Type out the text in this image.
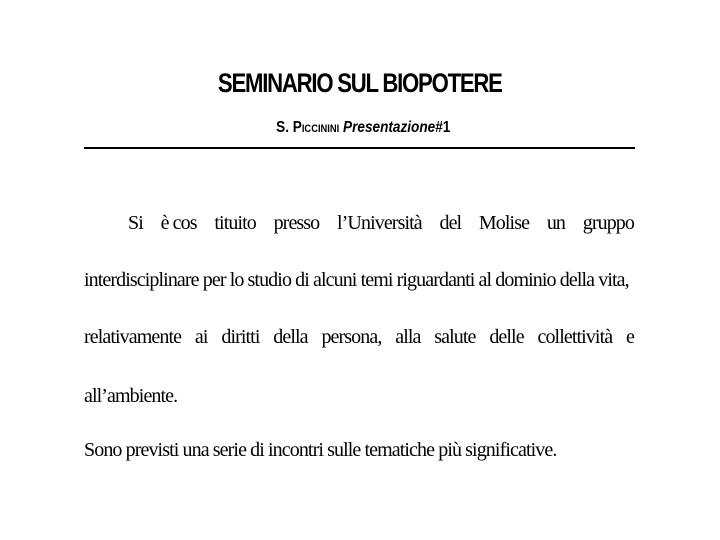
SEMINARIO SUL BIOPOTERE
S. PICCININI Presentazione#1
Si è cos tituito presso l’Università del Molise un gruppo
interdisciplinare per lo studio di alcuni temi riguardanti al dominio della vita,
relativamente ai diritti della persona, alla salute delle collettività e
all’ambiente.
Sono previsti una serie di incontri sulle tematiche più significative.
